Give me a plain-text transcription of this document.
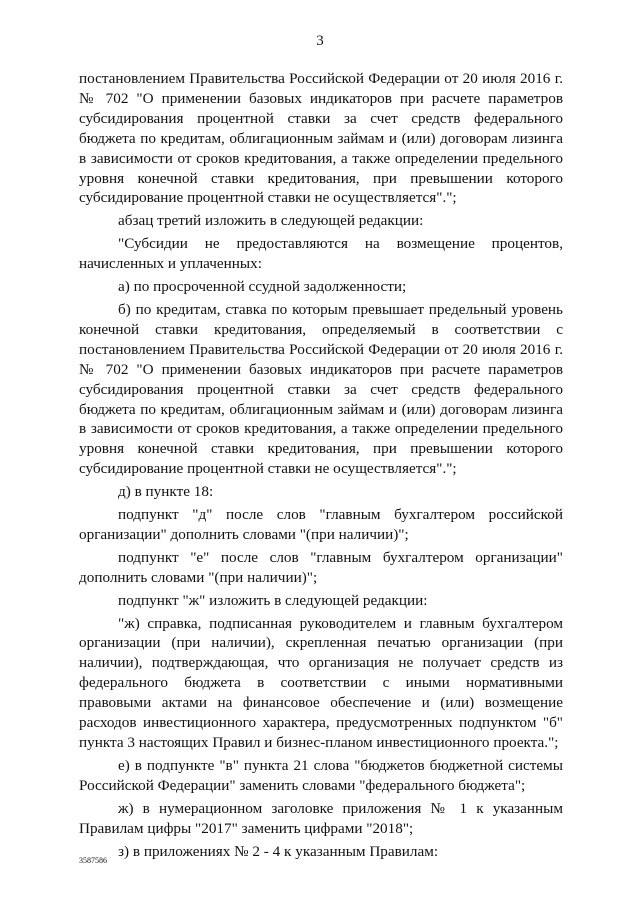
3

постановлением Правительства Российской Федерации от 20 июля 2016 г. № 702 "О применении базовых индикаторов при расчете параметров субсидирования процентной ставки за счет средств федерального бюджета по кредитам, облигационным займам и (или) договорам лизинга в зависимости от сроков кредитования, а также определении предельного уровня конечной ставки кредитования, при превышении которого субсидирование процентной ставки не осуществляется".";

абзац третий изложить в следующей редакции:

"Субсидии не предоставляются на возмещение процентов, начисленных и уплаченных:

а) по просроченной ссудной задолженности;

б) по кредитам, ставка по которым превышает предельный уровень конечной ставки кредитования, определяемый в соответствии с постановлением Правительства Российской Федерации от 20 июля 2016 г. № 702 "О применении базовых индикаторов при расчете параметров субсидирования процентной ставки за счет средств федерального бюджета по кредитам, облигационным займам и (или) договорам лизинга в зависимости от сроков кредитования, а также определении предельного уровня конечной ставки кредитования, при превышении которого субсидирование процентной ставки не осуществляется".";

д) в пункте 18:

подпункт "д" после слов "главным бухгалтером российской организации" дополнить словами "(при наличии)";

подпункт "е" после слов "главным бухгалтером организации" дополнить словами "(при наличии)";

подпункт "ж" изложить в следующей редакции:

"ж) справка, подписанная руководителем и главным бухгалтером организации (при наличии), скрепленная печатью организации (при наличии), подтверждающая, что организация не получает средств из федерального бюджета в соответствии с иными нормативными правовыми актами на финансовое обеспечение и (или) возмещение расходов инвестиционного характера, предусмотренных подпунктом "б" пункта 3 настоящих Правил и бизнес-планом инвестиционного проекта.";

е) в подпункте "в" пункта 21 слова "бюджетов бюджетной системы Российской Федерации" заменить словами "федерального бюджета";

ж) в нумерационном заголовке приложения № 1 к указанным Правилам цифры "2017" заменить цифрами "2018";

з) в приложениях № 2 - 4 к указанным Правилам:

3587586
